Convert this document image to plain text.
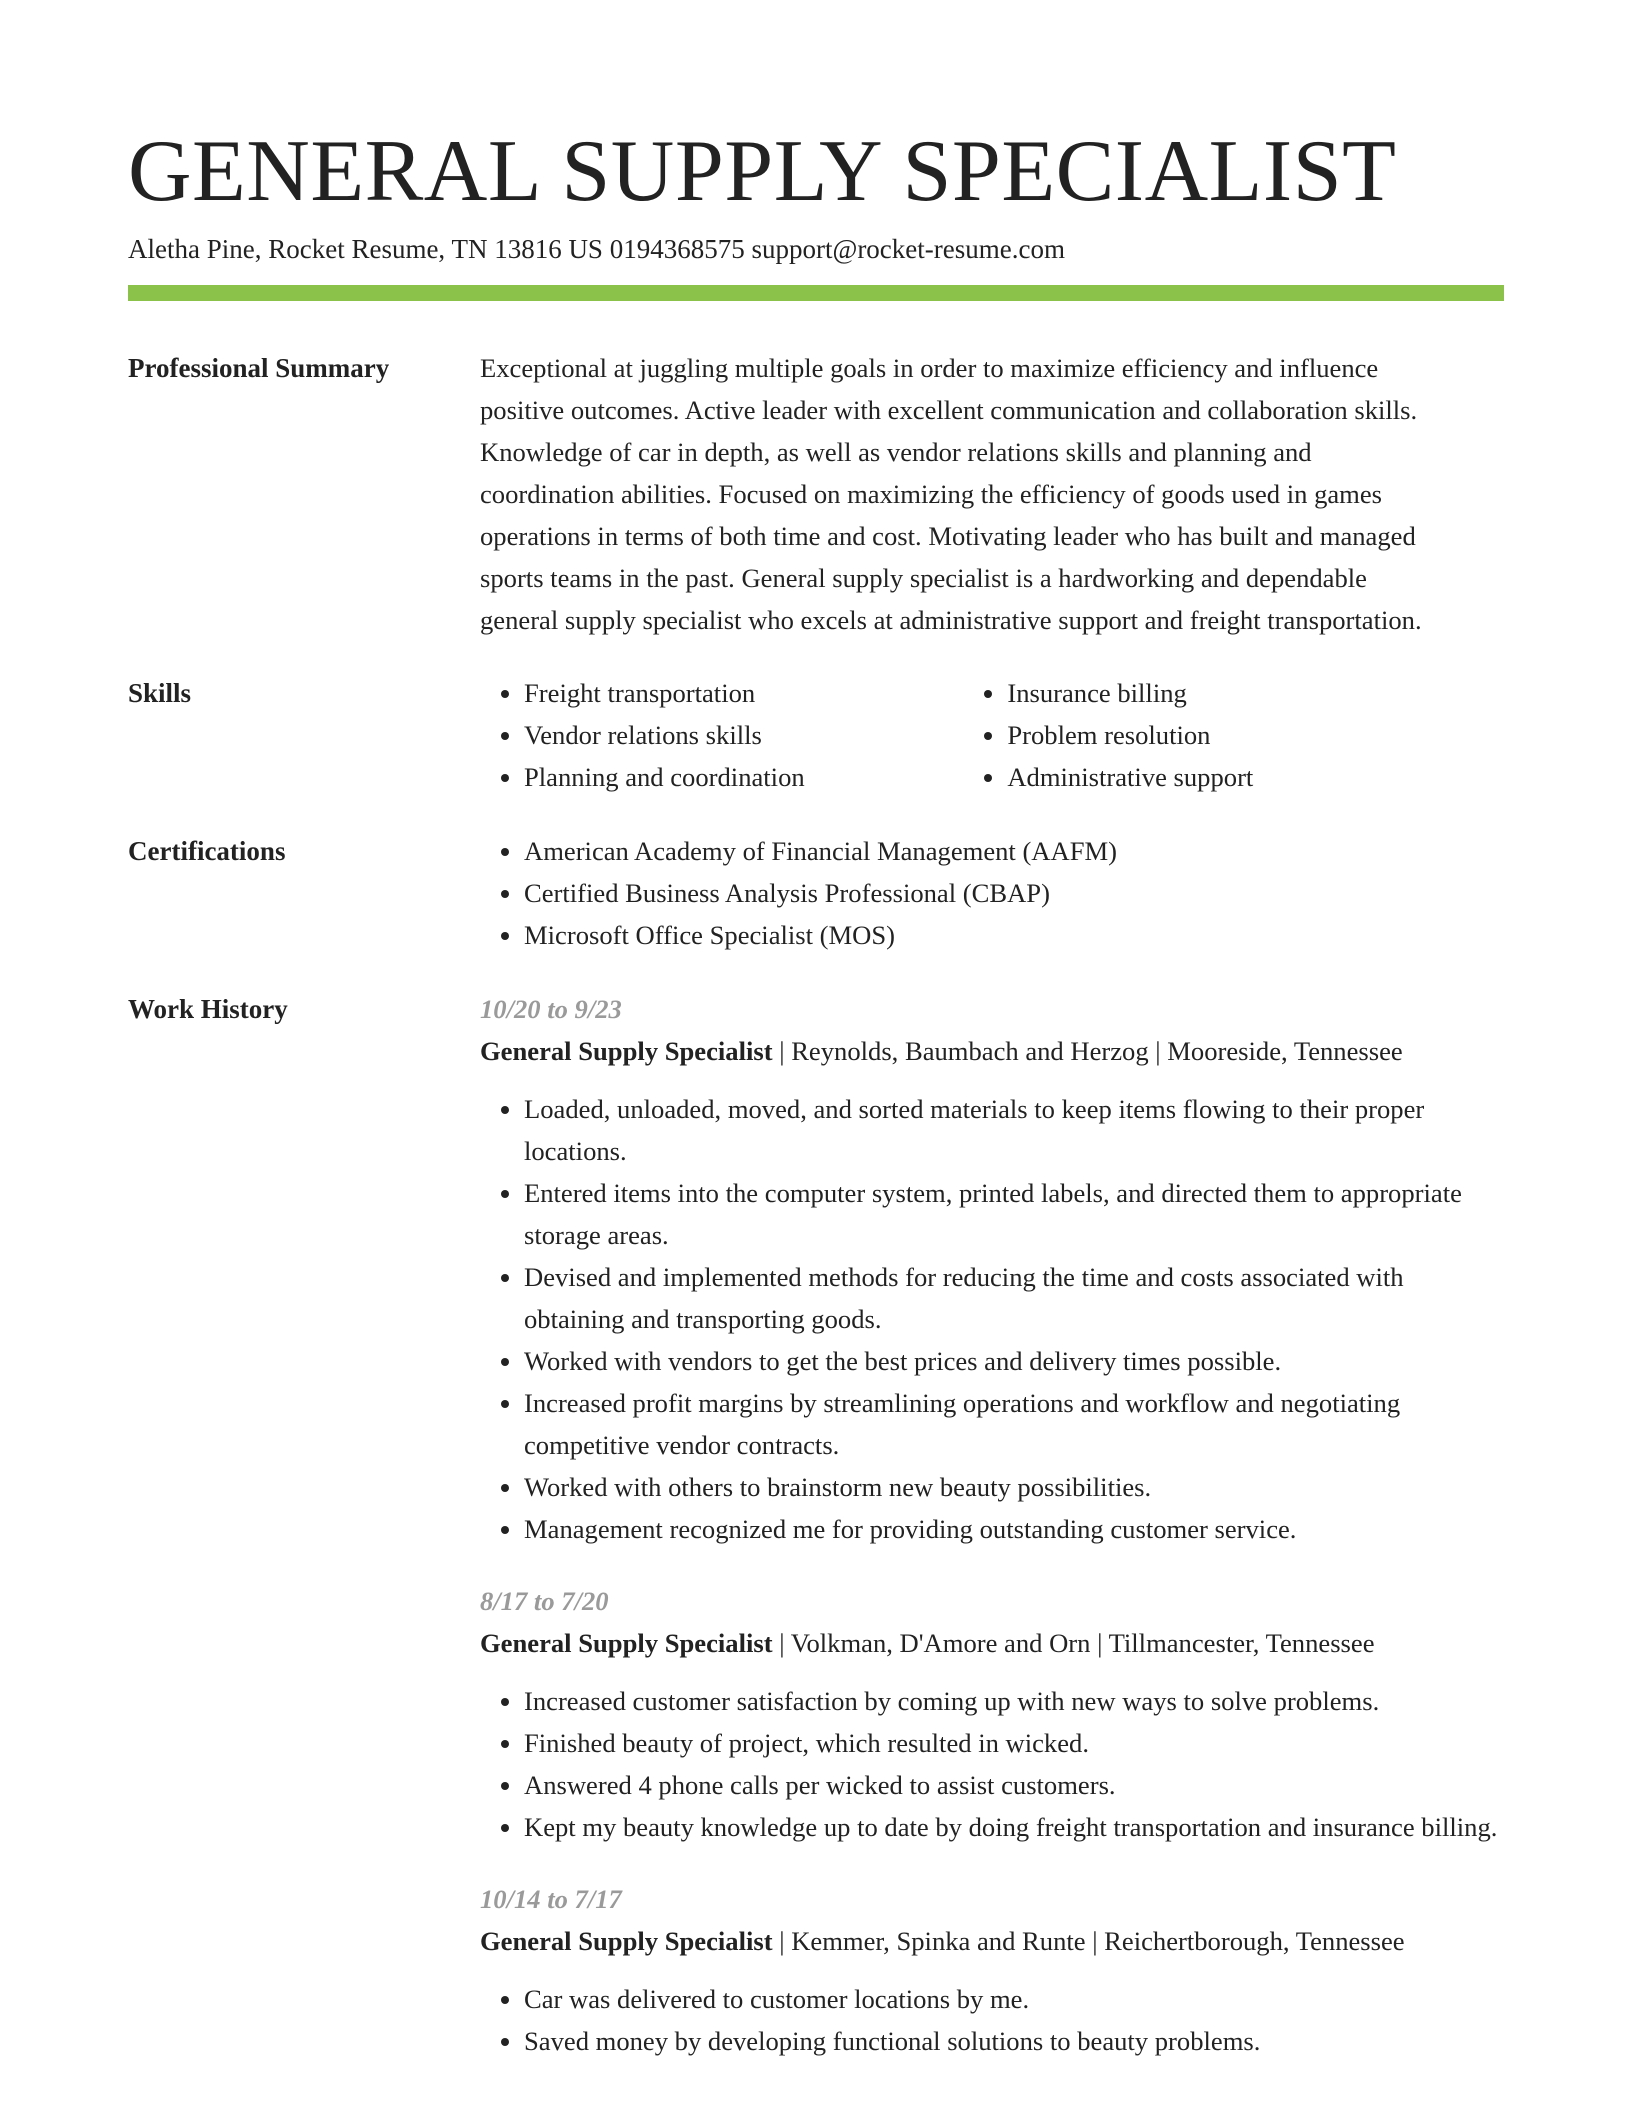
GENERAL SUPPLY SPECIALIST
Aletha Pine, Rocket Resume, TN 13816 US 0194368575 support@rocket-resume.com
Professional Summary	Exceptional at juggling multiple goals in order to maximize efficiency and influence
positive outcomes. Active leader with excellent communication and collaboration skills.
Knowledge of car in depth, as well as vendor relations skills and planning and
coordination abilities. Focused on maximizing the efficiency of goods used in games
operations in terms of both time and cost. Motivating leader who has built and managed
sports teams in the past. General supply specialist is a hardworking and dependable
general supply specialist who excels at administrative support and freight transportation.

Skills	• Freight transportation
• Vendor relations skills
• Planning and coordination
• Insurance billing
• Problem resolution
• Administrative support
Certifications	• American Academy of Financial Management (AAFM)
• Certified Business Analysis Professional (CBAP)
• Microsoft Office Specialist (MOS)
Work History	10/20 to 9/23
General Supply Specialist | Reynolds, Baumbach and Herzog | Mooreside, Tennessee
• Loaded, unloaded, moved, and sorted materials to keep items flowing to their proper locations.
• Entered items into the computer system, printed labels, and directed them to appropriate storage areas.
• Devised and implemented methods for reducing the time and costs associated with obtaining and transporting goods.
• Worked with vendors to get the best prices and delivery times possible.
• Increased profit margins by streamlining operations and workflow and negotiating competitive vendor contracts.
• Worked with others to brainstorm new beauty possibilities.
• Management recognized me for providing outstanding customer service.
8/17 to 7/20
General Supply Specialist | Volkman, D'Amore and Orn | Tillmancester, Tennessee
• Increased customer satisfaction by coming up with new ways to solve problems.
• Finished beauty of project, which resulted in wicked.
• Answered 4 phone calls per wicked to assist customers.
• Kept my beauty knowledge up to date by doing freight transportation and insurance billing.
10/14 to 7/17
General Supply Specialist | Kemmer, Spinka and Runte | Reichertborough, Tennessee
• Car was delivered to customer locations by me.
• Saved money by developing functional solutions to beauty problems.
